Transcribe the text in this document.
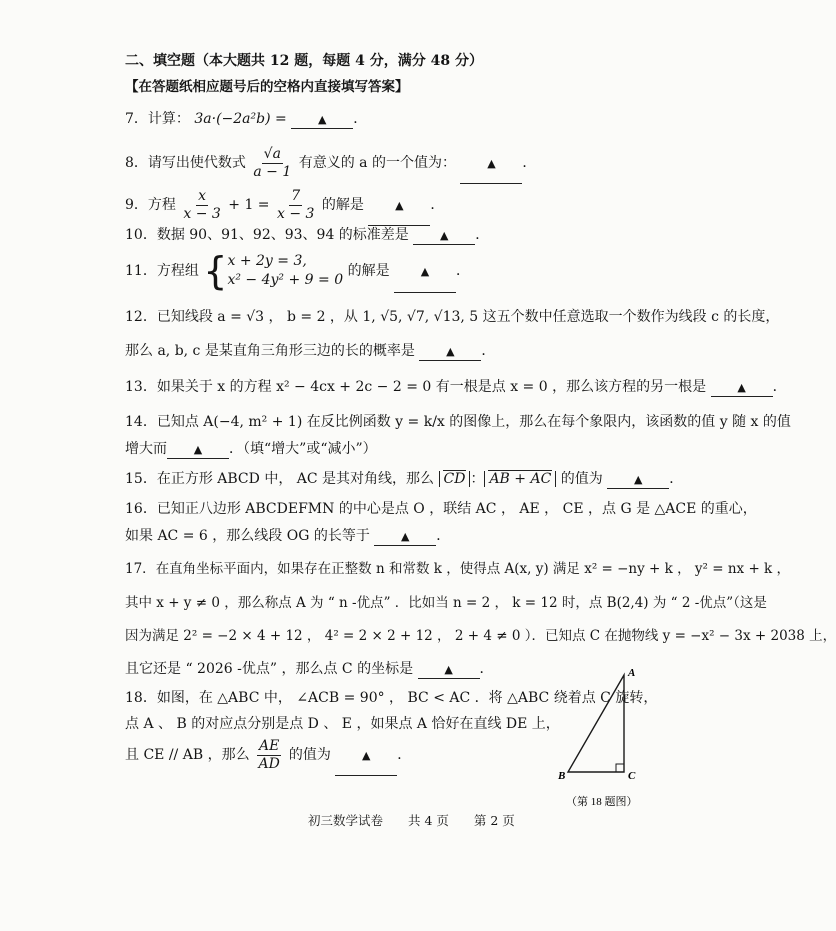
二、填空题（本大题共 12 题，每题 4 分，满分 48 分）
【在答题纸相应题号后的空格内直接填写答案】
7．计算： 3a·(−2a²b) =	▲ ．
8．请写出使代数式 $\frac{√a}{a - 1}$ 有意义的 a 的一个值为：	▲ ．
9．方程 $\frac{x}{x - 3} + 1 = \frac{7}{x - 3}$ 的解是	▲ ．
10．数据 90、91、92、93、94 的标准差是	▲ ．
11．方程组 { x + 2y = 3,
x² − 4y² + 9 = 0
的解是	▲ ．
12．已知线段 a = √3 ， b = 2 ，从 1, √5, √7, √13, 5 这五个数中任意选取一个数作为线段 c 的长度，
那么 a, b, c 是某直角三角形三边的长的概率是	▲ ．
13．如果关于 x 的方程 x² − 4cx + 2c − 2 = 0 有一根是点 x = 0 ，那么该方程的另一根是	▲ ．
14．已知点 A(−4, m² + 1) 在反比例函数 y = k/x 的图像上，那么在每个象限内，该函数的值 y 随 x 的值
增大而 ▲ ．（填“增大”或“减小”）
15．在正方形 ABCD 中， AC 是其对角线，那么 CD ： AB + AC 的值为	▲ ．
16．已知正八边形 ABCDEFMN 的中心是点 O ，联结 AC ， AE ， CE ，点 G 是 △ACE 的重心，
如果 AC = 6 ，那么线段 OG 的长等于	▲ ．
17．在直角坐标平面内，如果存在正整数 n 和常数 k ，使得点 A(x, y) 满足 x² = −ny + k ， y² = nx + k ，
其中 x + y ≠ 0 ，那么称点 A 为 “ n -优点” ．比如当 n = 2 ， k = 12 时，点 B(2,4) 为 “ 2 -优点”（这是
因为满足 2² = −2 × 4 + 12 ， 4² = 2 × 2 + 12 ， 2 + 4 ≠ 0 ）．已知点 C 在抛物线 y = −x² − 3x + 2038 上，
且它还是 “ 2026 -优点” ，那么点 C 的坐标是	▲ ．
18．如图，在 △ABC 中， ∠ACB = 90° ， BC < AC ．将 △ABC 绕着点 C 旋转，
点 A 、 B 的对应点分别是点 D 、 E ，如果点 A 恰好在直线 DE 上，
且 CE // AB ，那么 $\frac{AE}{AD}$ 的值为	▲ ．
A
B	C
（第 18 题图）
初三数学试卷　　共 4 页　　第 2 页
